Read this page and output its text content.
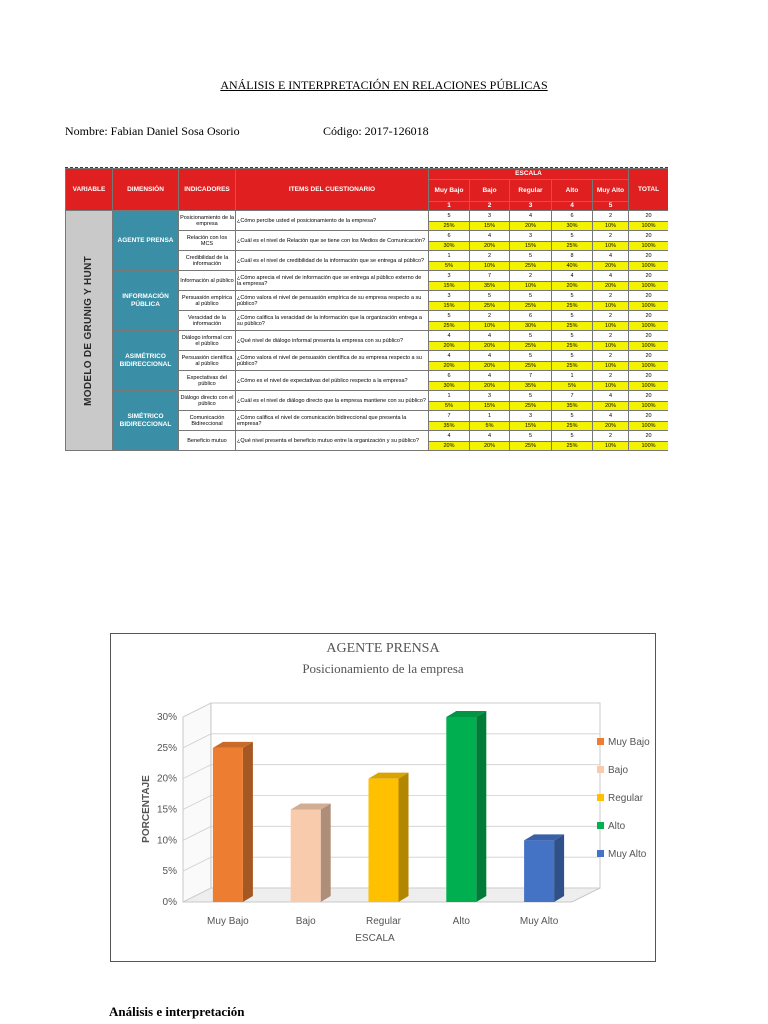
ANÁLISIS E INTERPRETACIÓN EN RELACIONES PÚBLICAS
Nombre: Fabian Daniel Sosa Osorio	Código: 2017-126018
VARIABLE	DIMENSIÓN	INDICADORES	ITEMS DEL CUESTIONARIO	ESCALA					TOTAL
				Muy Bajo	Bajo	Regular	Alto	Muy Alto	
				1	2	3	4	5	

MODELO DE GRUNIG Y HUNT	AGENTE PRENSA	Posicionamiento de la empresa	¿Cómo percibe usted el posicionamiento de la empresa?	5	3	4	6	2	20
				25%	15%	20%	30%	10%	100%
		Relación con los MCS	¿Cuál es el nivel de Relación que se tiene con los Medios de Comunicación?	6	4	3	5	2	20
				30%	20%	15%	25%	10%	100%
		Credibilidad de la información	¿Cuál es el nivel de credibilidad de la información que se entrega al público?	1	2	5	8	4	20
				5%	10%	25%	40%	20%	100%
	INFORMACIÓN PÚBLICA	Información al público	¿Cómo aprecia el nivel de información que se entrega al público externo de la empresa?	3	7	2	4	4	20
				15%	35%	10%	20%	20%	100%
		Persuasión empírica al público	¿Cómo valora el nivel de persuasión empírica de su empresa respecto a su público?	3	5	5	5	2	20
				15%	25%	25%	25%	10%	100%
		Veracidad de la información	¿Cómo califica la veracidad de la información que la organización entrega a su público?	5	2	6	5	2	20
				25%	10%	30%	25%	10%	100%
	ASIMÉTRICO BIDIRECCIONAL	Diálogo informal con el público	¿Qué nivel de diálogo informal presenta la empresa con su público?	4	4	5	5	2	20
				20%	20%	25%	25%	10%	100%
		Persuasión científica al público	¿Cómo valora el nivel de persuasión científica de su empresa respecto a su público?	4	4	5	5	2	20
				20%	20%	25%	25%	10%	100%
		Expectativas del público	¿Cómo es el nivel de expectativas del público respecto a la empresa?	6	4	7	1	2	20
				30%	20%	35%	5%	10%	100%
	SIMÉTRICO BIDIRECCIONAL	Diálogo directo con el público	¿Cuál es el nivel de diálogo directo que la empresa mantiene con su público?	1	3	5	7	4	20
				5%	15%	25%	35%	20%	100%
		Comunicación Bidireccional	¿Cómo califica el nivel de comunicación bidireccional que presenta la empresa?	7	1	3	5	4	20
				35%	5%	15%	25%	20%	100%
		Beneficio mutuo	¿Qué nivel presenta el beneficio mutuo entre la organización y su público?	4	4	5	5	2	20
				20%	20%	25%	25%	10%	100%
AGENTE PRENSA
Posicionamiento de la empresa
0%
5%
10%
15%
20%
25%
30%
Muy Bajo	Bajo	Regular	Alto	Muy Alto
ESCALA
PORCENTAJE
Muy Bajo
Bajo
Regular
Alto
Muy Alto
Análisis e interpretación
